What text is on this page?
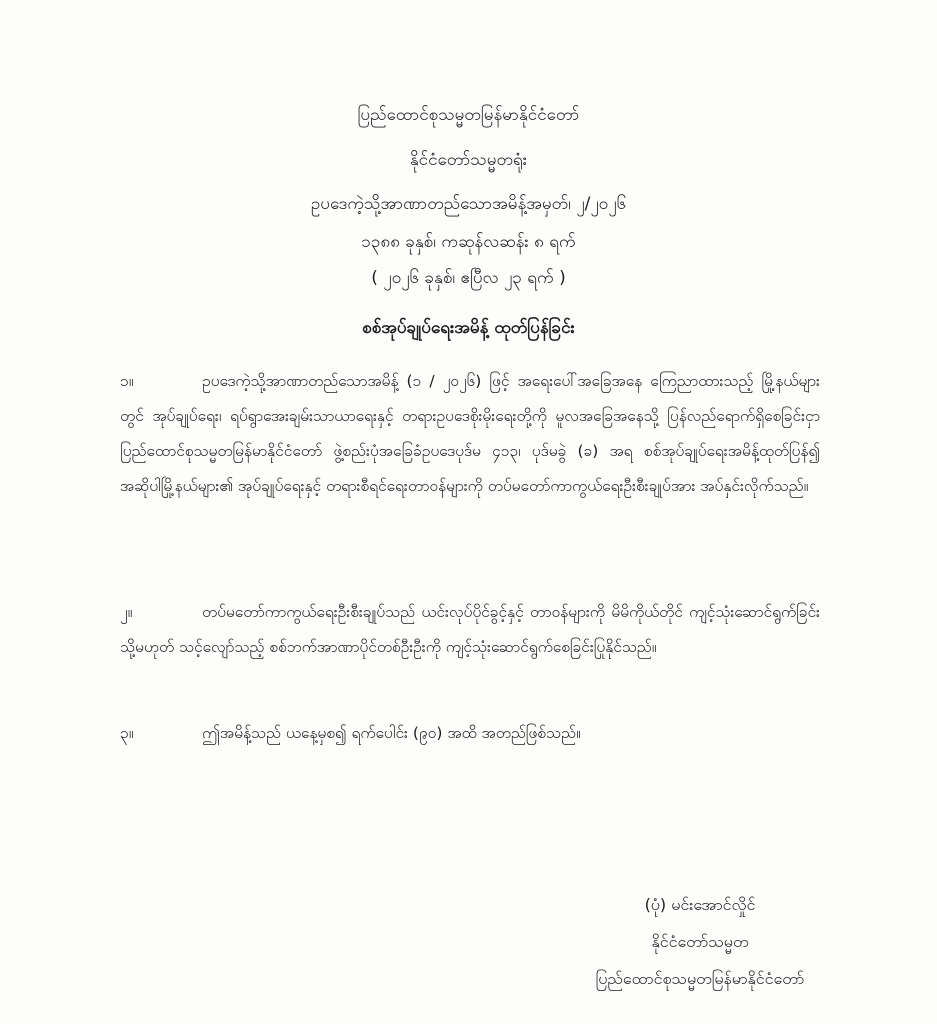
ပြည်ထောင်စုသမ္မတမြန်မာနိုင်ငံတော်
နိုင်ငံတော်သမ္မတရုံး
ဥပဒေကဲ့သို့အာဏာတည်သောအမိန့်အမှတ်၊ ၂/၂၀၂၆
၁၃၈၈ ခုနှစ်၊ ကဆုန်လဆန်း ၈ ရက်
( ၂၀၂၆ ခုနှစ်၊ ဧပြီလ ၂၃ ရက် )
စစ်အုပ်ချုပ်ရေးအမိန့် ထုတ်ပြန်ခြင်း
၁။	ဥပဒေကဲ့သို့အာဏာတည်သောအမိန့် (၁ / ၂၀၂၆) ဖြင့် အရေးပေါ်အခြေအနေ ကြေညာထားသည့် မြို့နယ်များတွင် အုပ်ချုပ်ရေး၊ ရပ်ရွာအေးချမ်းသာယာရေးနှင့် တရားဥပဒေစိုးမိုးရေးတို့ကို မူလအခြေအနေသို့ ပြန်လည်ရောက်ရှိစေခြင်းငှာ ပြည်ထောင်စုသမ္မတမြန်မာနိုင်ငံတော် ဖွဲ့စည်းပုံအခြေခံဥပဒေပုဒ်မ ၄၁၃၊ ပုဒ်မခွဲ (ခ) အရ စစ်အုပ်ချုပ်ရေးအမိန့်ထုတ်ပြန်၍ အဆိုပါမြို့နယ်များ၏ အုပ်ချုပ်ရေးနှင့် တရားစီရင်ရေးတာဝန်များကို တပ်မတော်ကာကွယ်ရေးဦးစီးချုပ်အား အပ်နှင်းလိုက်သည်။
၂။	တပ်မတော်ကာကွယ်ရေးဦးစီးချုပ်သည် ယင်းလုပ်ပိုင်ခွင့်နှင့် တာဝန်များကို မိမိကိုယ်တိုင် ကျင့်သုံးဆောင်ရွက်ခြင်း သို့မဟုတ် သင့်လျော်သည့် စစ်ဘက်အာဏာပိုင်တစ်ဦးဦးကို ကျင့်သုံးဆောင်ရွက်စေခြင်းပြုနိုင်သည်။
၃။	ဤအမိန့်သည် ယနေ့မှစ၍ ရက်ပေါင်း (၉၀) အထိ အတည်ဖြစ်သည်။
(ပုံ) မင်းအောင်လှိုင်
နိုင်ငံတော်သမ္မတ
ပြည်ထောင်စုသမ္မတမြန်မာနိုင်ငံတော်
